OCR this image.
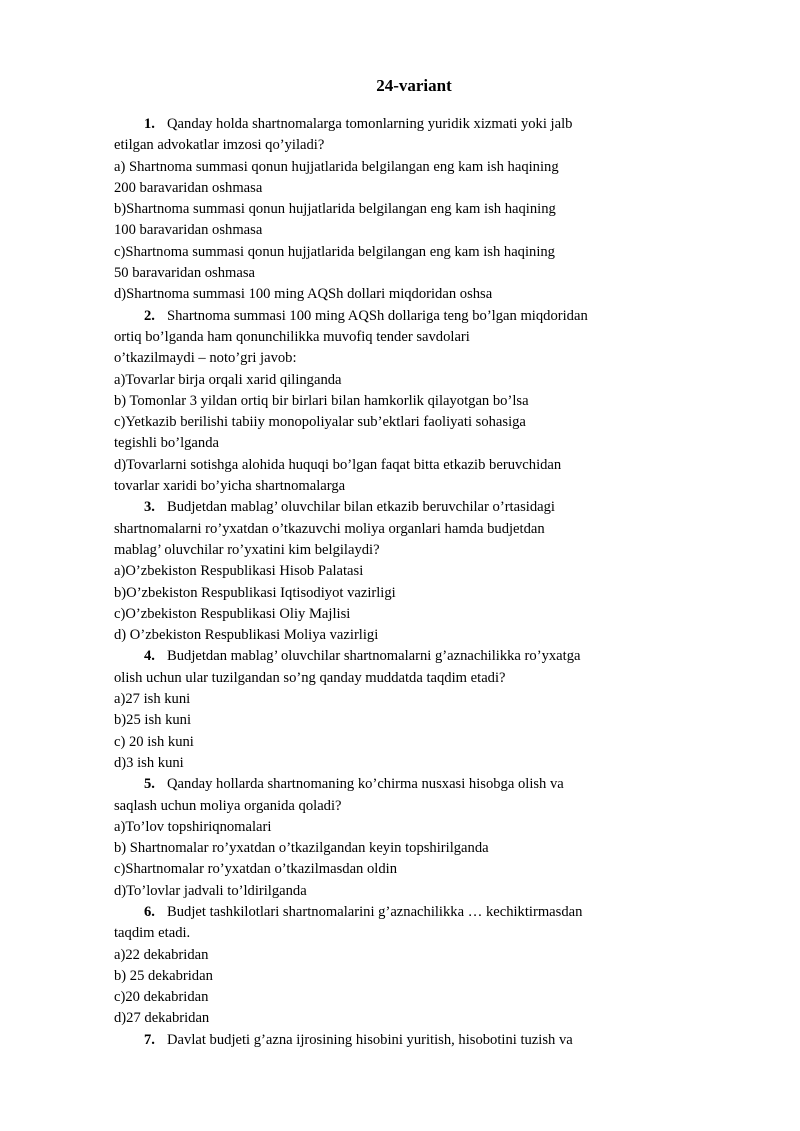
24-variant
1. Qanday holda shartnomalarga tomonlarning yuridik xizmati yoki jalb
etilgan advokatlar imzosi qo’yiladi?
a) Shartnoma summasi qonun hujjatlarida belgilangan eng kam ish haqining
200 baravaridan oshmasa
b)Shartnoma summasi qonun hujjatlarida belgilangan eng kam ish haqining
100 baravaridan oshmasa
c)Shartnoma summasi qonun hujjatlarida belgilangan eng kam ish haqining
50 baravaridan oshmasa
d)Shartnoma summasi 100 ming AQSh dollari miqdoridan oshsa
2. Shartnoma summasi 100 ming AQSh dollariga teng bo’lgan miqdoridan
ortiq bo’lganda ham qonunchilikka muvofiq tender savdolari
o’tkazilmaydi – noto’gri javob:
a)Tovarlar birja orqali xarid qilinganda
b) Tomonlar 3 yildan ortiq bir birlari bilan hamkorlik qilayotgan bo’lsa
c)Yetkazib berilishi tabiiy monopoliyalar sub’ektlari faoliyati sohasiga
tegishli bo’lganda
d)Tovarlarni sotishga alohida huquqi bo’lgan faqat bitta etkazib beruvchidan
tovarlar xaridi bo’yicha shartnomalarga
3. Budjetdan mablag’ oluvchilar bilan etkazib beruvchilar o’rtasidagi
shartnomalarni ro’yxatdan o’tkazuvchi moliya organlari hamda budjetdan
mablag’ oluvchilar ro’yxatini kim belgilaydi?
a)O’zbekiston Respublikasi Hisob Palatasi
b)O’zbekiston Respublikasi Iqtisodiyot vazirligi
c)O’zbekiston Respublikasi Oliy Majlisi
d) O’zbekiston Respublikasi Moliya vazirligi
4. Budjetdan mablag’ oluvchilar shartnomalarni g’aznachilikka ro’yxatga
olish uchun ular tuzilgandan so’ng qanday muddatda taqdim etadi?
a)27 ish kuni
b)25 ish kuni
c) 20 ish kuni
d)3 ish kuni
5. Qanday hollarda shartnomaning ko’chirma nusxasi hisobga olish va
saqlash uchun moliya organida qoladi?
a)To’lov topshiriqnomalari
b) Shartnomalar ro’yxatdan o’tkazilgandan keyin topshirilganda
c)Shartnomalar ro’yxatdan o’tkazilmasdan oldin
d)To’lovlar jadvali to’ldirilganda
6. Budjet tashkilotlari shartnomalarini g’aznachilikka … kechiktirmasdan
taqdim etadi.
a)22 dekabridan
b) 25 dekabridan
c)20 dekabridan
d)27 dekabridan
7. Davlat budjeti g’azna ijrosining hisobini yuritish, hisobotini tuzish va
